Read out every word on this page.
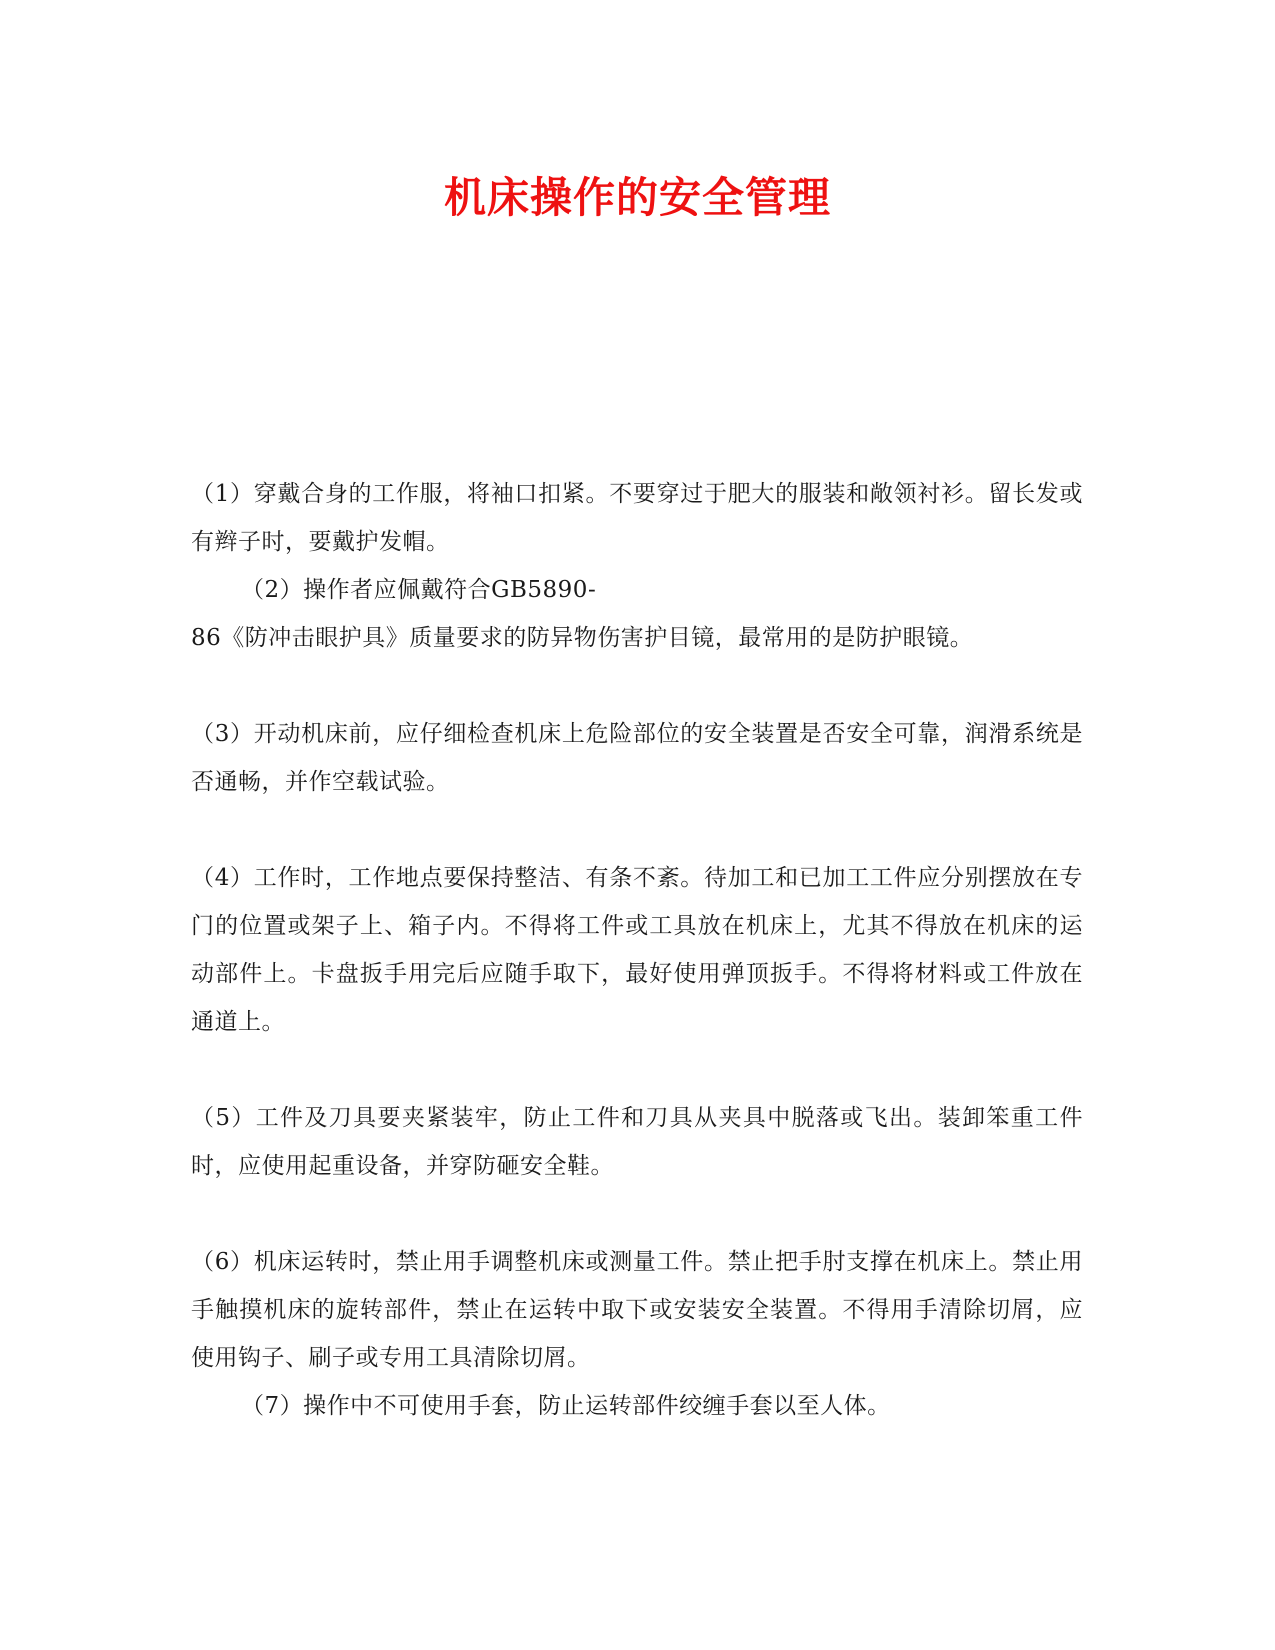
机床操作的安全管理

（1）穿戴合身的工作服，将袖口扣紧。不要穿过于肥大的服装和敞领衬衫。留长发或有辫子时，要戴护发帽。

（2）操作者应佩戴符合GB5890-

86《防冲击眼护具》质量要求的防异物伤害护目镜，最常用的是防护眼镜。

（3）开动机床前，应仔细检查机床上危险部位的安全装置是否安全可靠，润滑系统是否通畅，并作空载试验。

（4）工作时，工作地点要保持整洁、有条不紊。待加工和已加工工件应分别摆放在专门的位置或架子上、箱子内。不得将工件或工具放在机床上，尤其不得放在机床的运动部件上。卡盘扳手用完后应随手取下，最好使用弹顶扳手。不得将材料或工件放在通道上。

（5）工件及刀具要夹紧装牢，防止工件和刀具从夹具中脱落或飞出。装卸笨重工件时，应使用起重设备，并穿防砸安全鞋。

（6）机床运转时，禁止用手调整机床或测量工件。禁止把手肘支撑在机床上。禁止用手触摸机床的旋转部件，禁止在运转中取下或安装安全装置。不得用手清除切屑，应使用钩子、刷子或专用工具清除切屑。

（7）操作中不可使用手套，防止运转部件绞缠手套以至人体。
